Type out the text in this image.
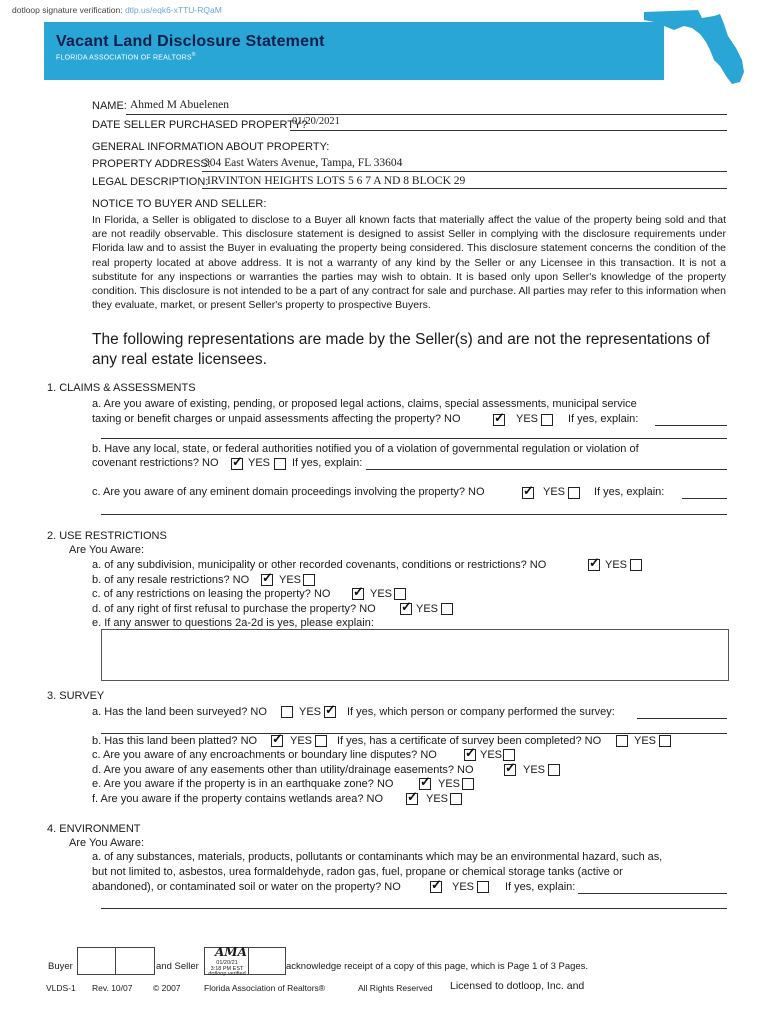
dotloop signature verification: dtlp.us/eqk6-xTTU-RQaM
Vacant Land Disclosure Statement
FLORIDA ASSOCIATION OF REALTORS®
NAME: Ahmed M Abuelenen
DATE SELLER PURCHASED PROPERTY?
01/20/2021
GENERAL INFORMATION ABOUT PROPERTY:
PROPERTY ADDRESS:
304 East Waters Avenue, Tampa, FL 33604
LEGAL DESCRIPTION:
IRVINTON HEIGHTS LOTS 5 6 7 A ND 8 BLOCK 29
NOTICE TO BUYER AND SELLER:
In Florida, a Seller is obligated to disclose to a Buyer all known facts that materially affect the value of the property being sold and that are not readily observable. This disclosure statement is designed to assist Seller in complying with the disclosure requirements under Florida law and to assist the Buyer in evaluating the property being considered. This disclosure statement concerns the condition of the real property located at above address. It is not a warranty of any kind by the Seller or any Licensee in this transaction. It is not a substitute for any inspections or warranties the parties may wish to obtain. It is based only upon Seller's knowledge of the property condition. This disclosure is not intended to be a part of any contract for sale and purchase. All parties may refer to this information when they evaluate, market, or present Seller's property to prospective Buyers.
The following representations are made by the Seller(s) and are not the representations of any real estate licensees.
1. CLAIMS & ASSESSMENTS
a. Are you aware of existing, pending, or proposed legal actions, claims, special assessments, municipal service
taxing or benefit charges or unpaid assessments affecting the property? NO ✓	YES	If yes, explain:
b. Have any local, state, or federal authorities notified you of a violation of governmental regulation or violation of
covenant restrictions? NO ✓	YES If yes, explain:
c. Are you aware of any eminent domain proceedings involving the property? NO ✓	YES	If yes, explain:
2. USE RESTRICTIONS
Are You Aware:
a. of any subdivision, municipality or other recorded covenants, conditions or restrictions? NO ✓	YES
b. of any resale restrictions? NO ✓	YES
c. of any restrictions on leasing the property? NO ✓	YES
d. of any right of first refusal to purchase the property? NO ✓	YES
e. If any answer to questions 2a-2d is yes, please explain:
3. SURVEY
a. Has the land been surveyed? NO	YES ✓ If yes, which person or company performed the survey:
b. Has this land been platted? NO ✓	YES If yes, has a certificate of survey been completed? NO	YES
c. Are you aware of any encroachments or boundary line disputes? NO ✓	YES
d. Are you aware of any easements other than utility/drainage easements? NO ✓	YES
e. Are you aware if the property is in an earthquake zone? NO ✓	YES
f. Are you aware if the property contains wetlands area? NO ✓	YES
4. ENVIRONMENT
Are You Aware:
a. of any substances, materials, products, pollutants or contaminants which may be an environmental hazard, such as,
but not limited to, asbestos, urea formaldehyde, radon gas, fuel, propane or chemical storage tanks (active or
abandoned), or contaminated soil or water on the property? NO ✓	YES	If yes, explain:
Buyer	and Seller
AMA
01/20/21
3:18 PM EST
dotloop verified
acknowledge receipt of a copy of this page, which is Page 1 of 3 Pages.
VLDS-1 Rev. 10/07 © 2007	Florida Association of Realtors®	All Rights Reserved Licensed to dotloop, Inc. and
